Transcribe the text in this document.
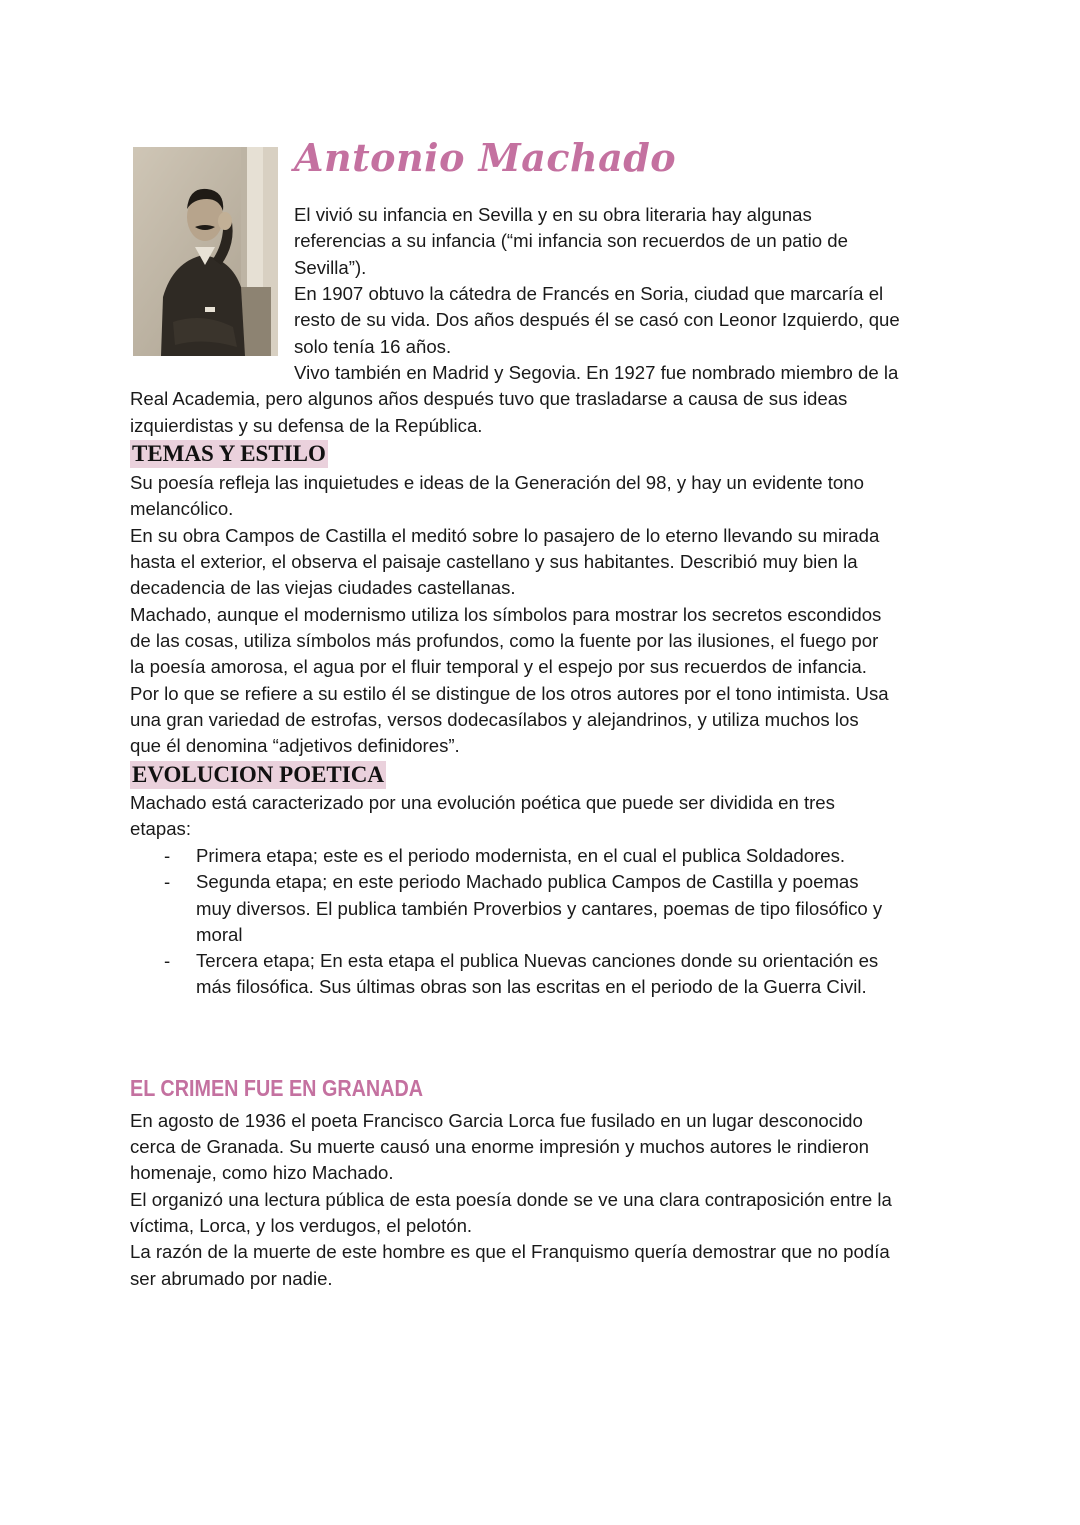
Antonio Machado

El vivió su infancia en Sevilla y en su obra literaria hay algunas

referencias a su infancia (“mi infancia son recuerdos de un patio de

Sevilla”).

En 1907 obtuvo la cátedra de Francés en Soria, ciudad que marcaría el

resto de su vida. Dos años después él se casó con Leonor Izquierdo, que

solo tenía 16 años.

Vivo también en Madrid y Segovia. En 1927 fue nombrado miembro de la

Real Academia, pero algunos años después tuvo que trasladarse a causa de sus ideas

izquierdistas y su defensa de la República.

TEMAS Y ESTILO

Su poesía refleja las inquietudes e ideas de la Generación del 98, y hay un evidente tono

melancólico.

En su obra Campos de Castilla el meditó sobre lo pasajero de lo eterno llevando su mirada

hasta el exterior, el observa el paisaje castellano y sus habitantes. Describió muy bien la

decadencia de las viejas ciudades castellanas.

Machado, aunque el modernismo utiliza los símbolos para mostrar los secretos escondidos

de las cosas, utiliza símbolos más profundos, como la fuente por las ilusiones, el fuego por

la poesía amorosa, el agua por el fluir temporal y el espejo por sus recuerdos de infancia.

Por lo que se refiere a su estilo él se distingue de los otros autores por el tono intimista. Usa

una gran variedad de estrofas, versos dodecasílabos y alejandrinos, y utiliza muchos los

que él denomina “adjetivos definidores”.

EVOLUCION POETICA

Machado está caracterizado por una evolución poética que puede ser dividida en tres

etapas:

- Primera etapa; este es el periodo modernista, en el cual el publica Soldadores.
- Segunda etapa; en este periodo Machado publica Campos de Castilla y poemas
muy diversos. El publica también Proverbios y cantares, poemas de tipo filosófico y
moral
- Tercera etapa; En esta etapa el publica Nuevas canciones donde su orientación es
más filosófica. Sus últimas obras son las escritas en el periodo de la Guerra Civil.
EL CRIMEN FUE EN GRANADA

En agosto de 1936 el poeta Francisco Garcia Lorca fue fusilado en un lugar desconocido

cerca de Granada. Su muerte causó una enorme impresión y muchos autores le rindieron

homenaje, como hizo Machado.

El organizó una lectura pública de esta poesía donde se ve una clara contraposición entre la

víctima, Lorca, y los verdugos, el pelotón.

La razón de la muerte de este hombre es que el Franquismo quería demostrar que no podía

ser abrumado por nadie.
